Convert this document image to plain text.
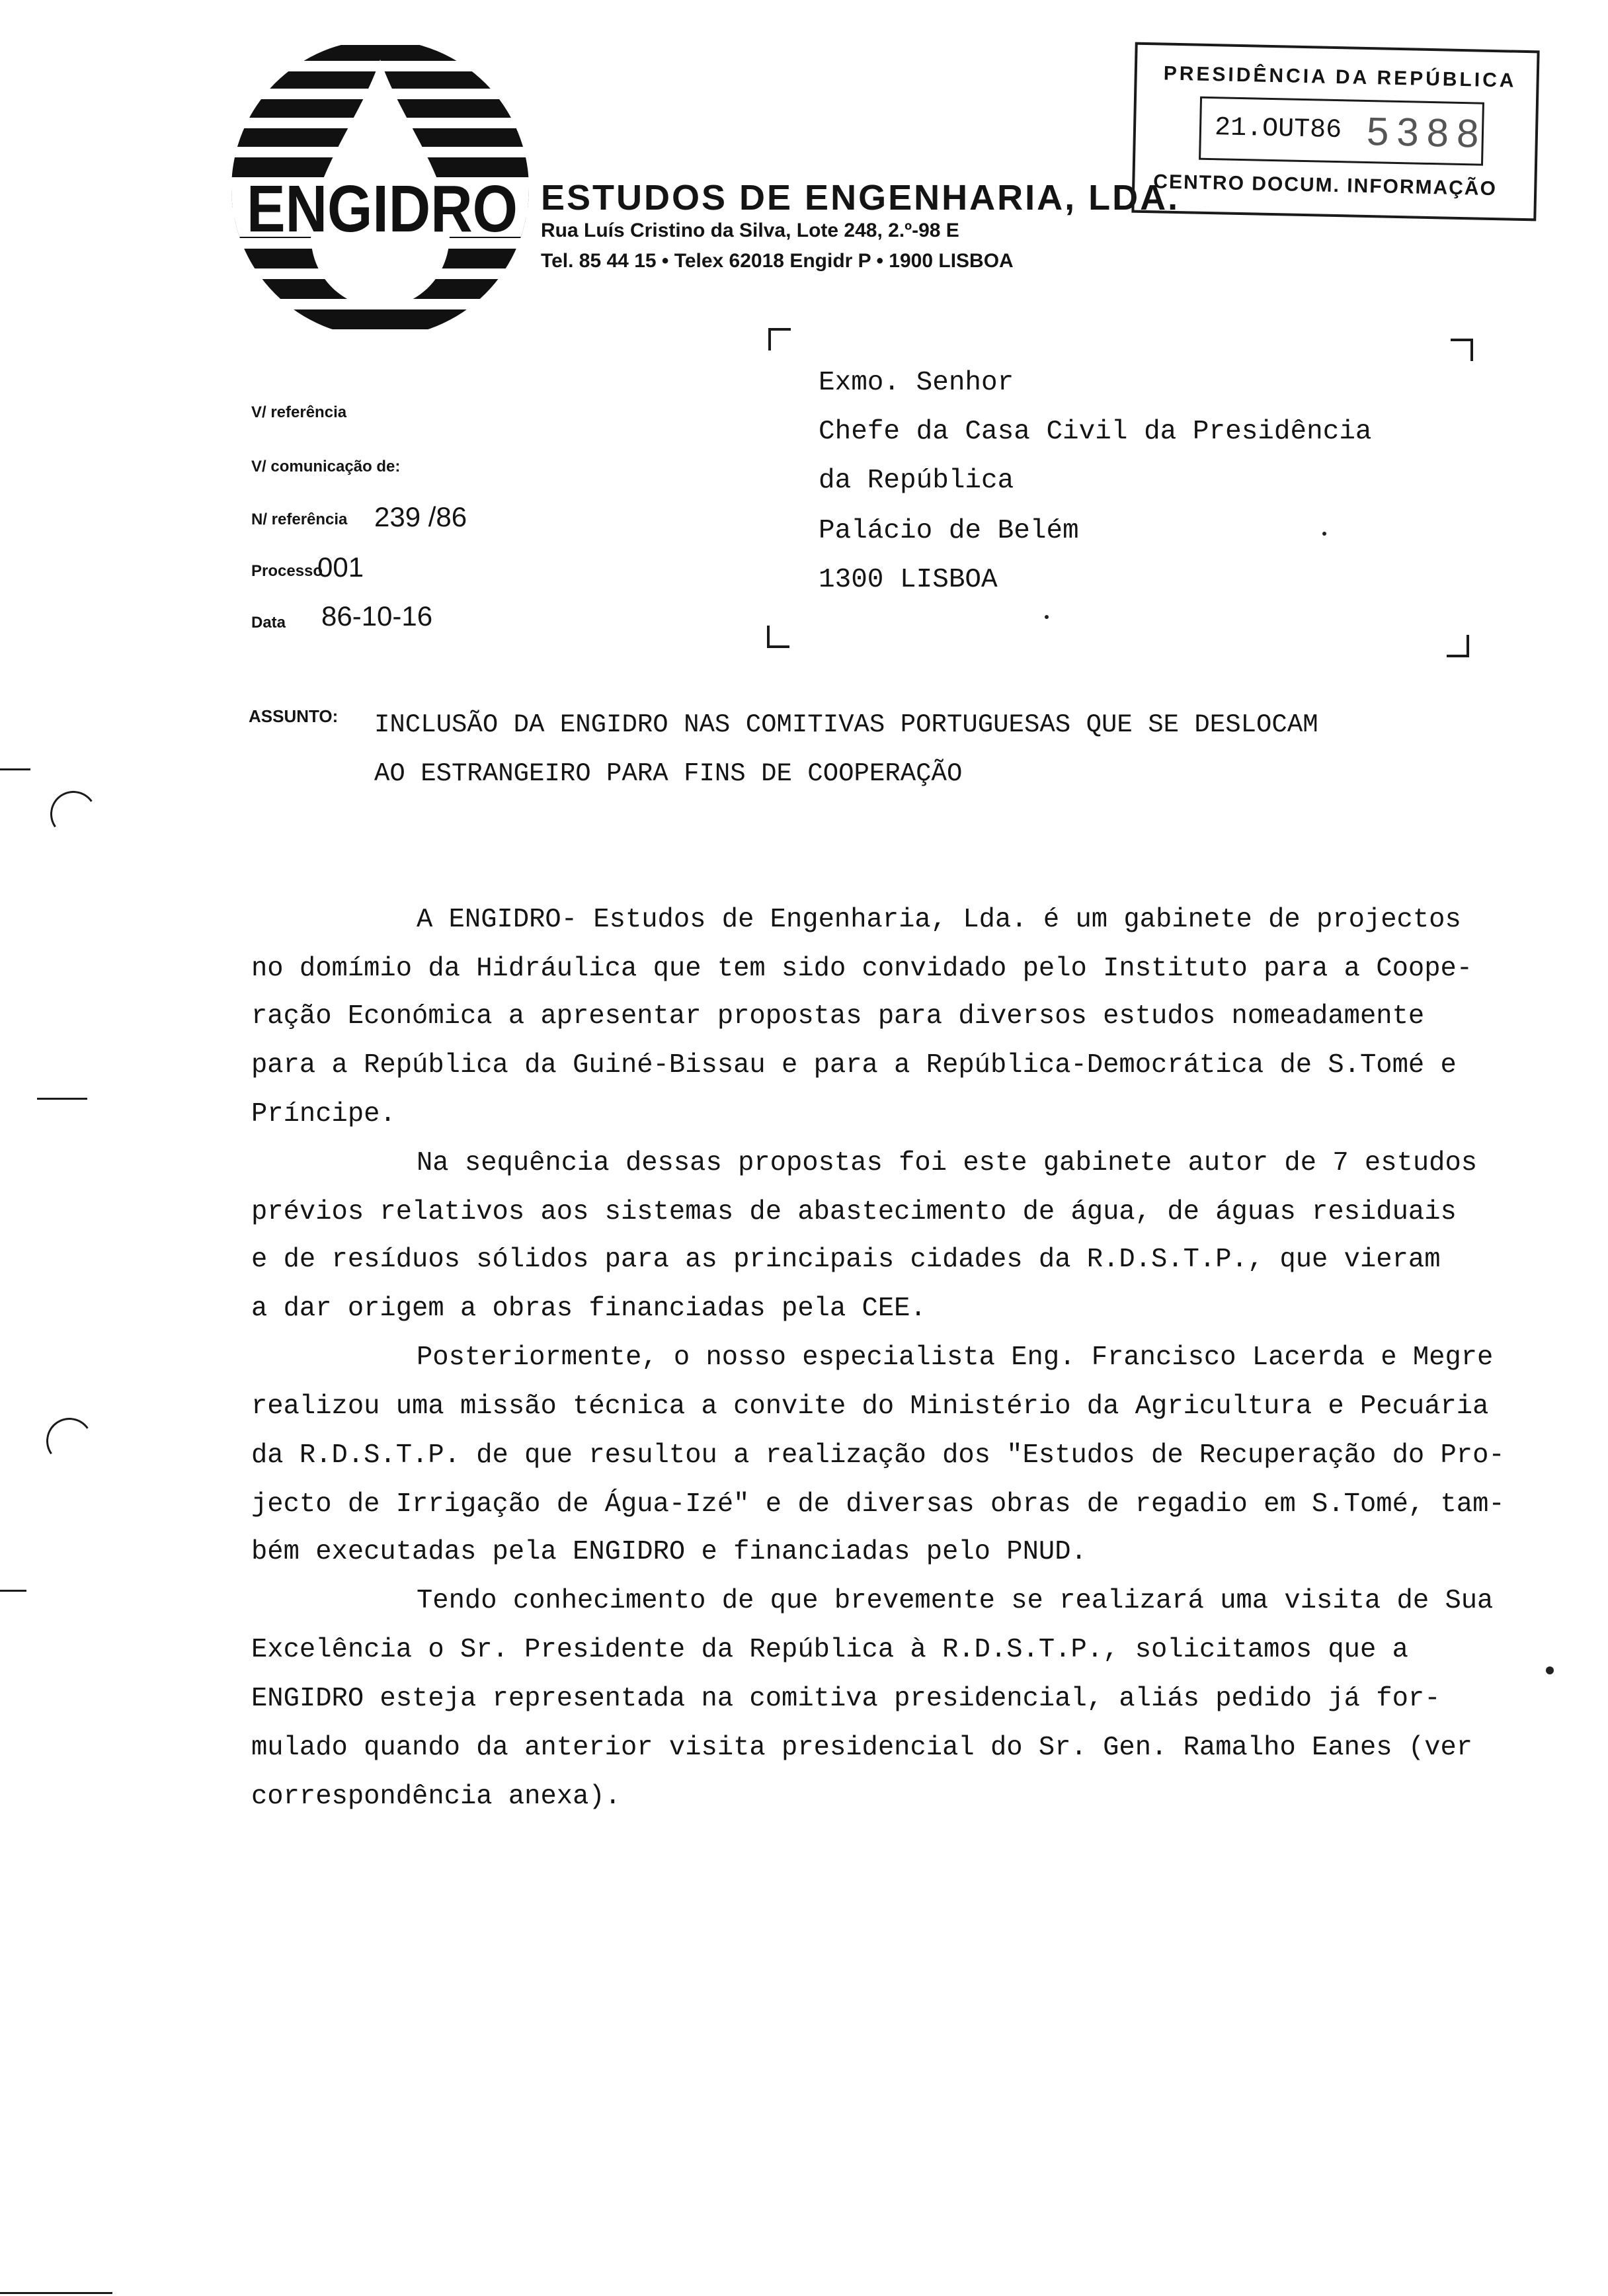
ENGIDRO ESTUDOS DE ENGENHARIA, LDA.
Rua Luís Cristino da Silva, Lote 248, 2.º-98 E
Tel. 85 44 15 • Telex 62018 Engidr P • 1900 LISBOA
PRESIDÊNCIA DA REPÚBLICA
21.OUT86 5388
CENTRO DOCUM. INFORMAÇÃO
V/ referência
V/ comunicação de:
N/ referência 239 /86
Processo
001
Data 86-10-16
Exmo. Senhor
Chefe da Casa Civil da Presidência
da República
Palácio de Belém
1300 LISBOA
ASSUNTO: INCLUSÃO DA ENGIDRO NAS COMITIVAS PORTUGUESAS QUE SE DESLOCAM
AO ESTRANGEIRO PARA FINS DE COOPERAÇÃO
A ENGIDRO- Estudos de Engenharia, Lda. é um gabinete de projectos
no domímio da Hidráulica que tem sido convidado pelo Instituto para a Coope-
ração Económica a apresentar propostas para diversos estudos nomeadamente
para a República da Guiné-Bissau e para a República-Democrática de S.Tomé e
Príncipe.
Na sequência dessas propostas foi este gabinete autor de 7 estudos
prévios relativos aos sistemas de abastecimento de água, de águas residuais
e de resíduos sólidos para as principais cidades da R.D.S.T.P., que vieram
a dar origem a obras financiadas pela CEE.
Posteriormente, o nosso especialista Eng. Francisco Lacerda e Megre
realizou uma missão técnica a convite do Ministério da Agricultura e Pecuária
da R.D.S.T.P. de que resultou a realização dos "Estudos de Recuperação do Pro-
jecto de Irrigação de Água-Izé" e de diversas obras de regadio em S.Tomé, tam-
bém executadas pela ENGIDRO e financiadas pelo PNUD.
Tendo conhecimento de que brevemente se realizará uma visita de Sua
Excelência o Sr. Presidente da República à R.D.S.T.P., solicitamos que a
ENGIDRO esteja representada na comitiva presidencial, aliás pedido já for-
mulado quando da anterior visita presidencial do Sr. Gen. Ramalho Eanes (ver
correspondência anexa).
